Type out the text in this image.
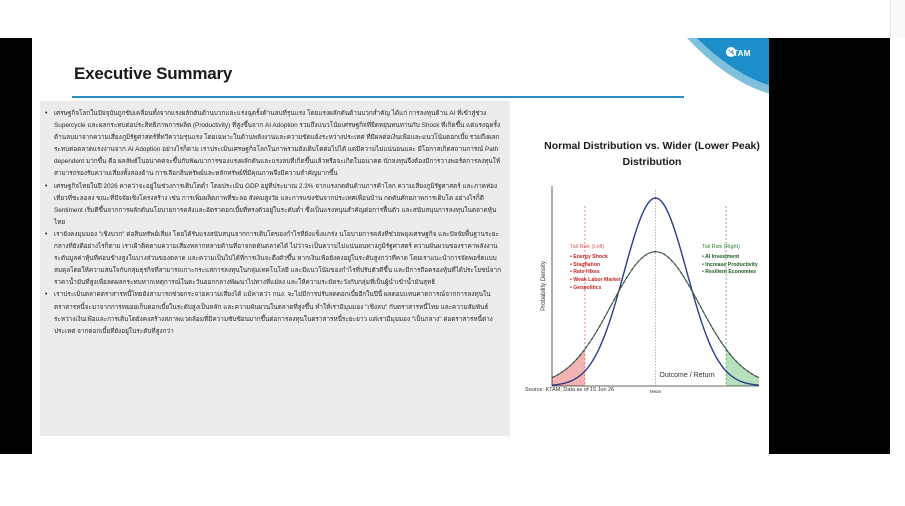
KTAM
Executive Summary
• เศรษฐกิจโลกในปัจจุบันถูกขับเคลื่อนทั้งจากแรงผลักดันด้านบวกและแรงฉุดรั้งด้านลบที่รุนแรง โดยแรงผลักดันด้านบวกสำคัญ ได้แก่ การลงทุนด้าน AI ที่เข้าสู่ช่วง Supercycle และผลกระทบต่อประสิทธิภาพการผลิต (Productivity) ที่สูงขึ้นจาก AI Adoption รวมถึงแนวโน้มเศรษฐกิจที่ยืดหยุ่นทนทานกับ Shock ที่เกิดขึ้น แต่แรงฉุดรั้งด้านลบมาจากความเสี่ยงภูมิรัฐศาสตร์ที่ทวีความรุนแรง โดยเฉพาะในด้านพลังงานและความขัดแย้งระหว่างประเทศ ที่มีผลต่อเงินเฟ้อและแนวโน้มดอกเบี้ย รวมถึงผลกระทบต่อตลาดแรงงานจาก AI Adoption อย่างไรก็ตาม เราประเมินเศรษฐกิจโลกในภาพรวมยังเติบโตต่อไปได้ แต่มีความไม่แน่นอนและ มีโอกาสเกิดสถานการณ์ Path dependent มากขึ้น คือ ผลลัพธ์ในอนาคตจะขึ้นกับพัฒนาการของแรงผลักดันและแรงลบที่เกิดขึ้นแล้วหรือจะเกิดในอนาคต นักลงทุนจึงต้องมีการวางพอร์ตการลงทุนให้สามารถรองรับความเสี่ยงทั้งสองด้าน การเลือกสินทรัพย์และหลักทรัพย์ที่มีคุณภาพจึงมีความสำคัญมากขึ้น
• เศรษฐกิจไทยในปี 2026 คาดว่าจะอยู่ในช่วงการเติบโตต่ำ โดยประเมิน GDP อยู่ที่ประมาณ 2.3% จากแรงกดดันด้านการค้าโลก ความเสี่ยงภูมิรัฐศาสตร์ และภาคท่องเที่ยวที่ชะลอลง ขณะที่ปัจจัยเชิงโครงสร้าง เช่น การเพิ่มผลิตภาพที่ชะลอ สังคมสูงวัย และการแข่งขันจากประเทศเพื่อนบ้าน กดดันศักยภาพการเติบโต อย่างไรก็ดี Sentiment เริ่มดีขึ้นจากการผลักดันนโยบายการคลังและอัตราดอกเบี้ยที่ทรงตัวอยู่ในระดับต่ำ ซึ่งเป็นแรงหนุนสำคัญต่อการฟื้นตัว และสนับสนุนการลงทุนในตลาดหุ้นไทย
• เรายังคงมุมมอง "เชิงบวก" ต่อสินทรัพย์เสี่ยง โดยได้รับแรงสนับสนุนจากการเติบโตของกำไรที่ยังแข็งแกร่ง นโยบายการคลังที่ช่วยพยุงเศรษฐกิจ และปัจจัยพื้นฐานระยะกลางที่ยังดีอย่างไรก็ตาม เราเฝ้าติดตามความเสี่ยงหลากหลายด้านที่อาจกดดันตลาดได้ ไม่ว่าจะเป็นความไม่แน่นอนทางภูมิรัฐศาสตร์ ความผันผวนของราคาพลังงาน ระดับมูลค่าหุ้นที่ค่อนข้างสูงในบางส่วนของตลาด และความเป็นไปได้ที่การเงินจะตึงตัวขึ้น หากเงินเฟ้อยังคงอยู่ในระดับสูงกว่าที่คาด โดยเราแนะนำการจัดพอร์ตแบบสมดุลโดยให้ความสนใจกับกลุ่มธุรกิจที่สามารถเกาะกระแสการลงทุนในกลุ่มเทคโนโลยี และมีแนวโน้มของกำไรที่ปรับตัวดีขึ้น และมีการถือครองหุ้นที่ได้ประโยชน์จากราคาน้ำมันที่สูงเพื่อลดผลกระทบหากเหตุการณ์ในตะวันออกกลางพัฒนาไปทางที่แย่ลง และให้ความระมัดระวังกับกลุ่มที่เป็นผู้นำเข้าน้ำมันสุทธิ
• เราประเมินตลาดตราสารหนี้ไทยยังสามารถช่วยกระจายความเสี่ยงได้ แม้คาดว่า กนง. จะไม่มีการปรับลดดอกเบี้ยอีกในปีนี้ ผลตอบแทนคาดการณ์จากการลงทุนในตราสารหนี้จะมาจากการทยอยเก็บดอกเบี้ยในระดับสูงเป็นหลัก และความผันผวนในตลาดที่สูงขึ้น ทำให้เรามีมุมมอง "เชิงลบ" กับตราสารหนี้ไทย และความสัมพันธ์ระหว่างเงินเฟ้อและการเติบโตยังคงสร้างสภาพแวดล้อมที่มีความซับซ้อนมากขึ้นต่อการลงทุนในตราสารหนี้ระยะยาว แต่เรามีมุมมอง "เป็นกลาง" ต่อตราสารหนี้ต่างประเทศ จากดอกเบี้ยที่ยังอยู่ในระดับที่สูงกว่า
Normal Distribution vs. Wider (Lower Peak) Distribution
Probability Density
Mean
Tail Risk (Left)
• Energy Shock
• Stagflation
• Rate Hikes
• Weak Labor Market
• Geopolitics
Tail Risk (Right)
• AI Investment
• Increase Productivity
• Resilient Economies
Source: KTAM; Data as of 15 Jun 26
Outcome / Return
